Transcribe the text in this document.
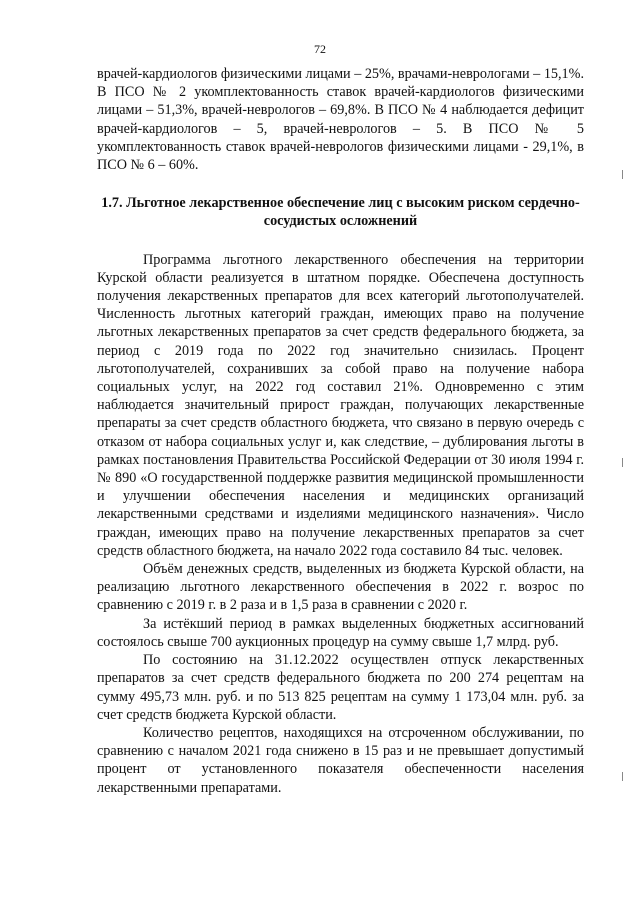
72

врачей-кардиологов физическими лицами – 25%, врачами-неврологами – 15,1%. В ПСО № 2 укомплектованность ставок врачей-кардиологов физическими лицами – 51,3%, врачей-неврологов – 69,8%. В ПСО № 4 наблюдается дефицит врачей-кардиологов – 5, врачей-неврологов – 5. В ПСО № 5 укомплектованность ставок врачей-неврологов физическими лицами - 29,1%, в ПСО № 6 – 60%.

1.7. Льготное лекарственное обеспечение лиц с высоким риском сердечно-сосудистых осложнений

Программа льготного лекарственного обеспечения на территории Курской области реализуется в штатном порядке. Обеспечена доступность получения лекарственных препаратов для всех категорий льготополучателей. Численность льготных категорий граждан, имеющих право на получение льготных лекарственных препаратов за счет средств федерального бюджета, за период с 2019 года по 2022 год значительно снизилась. Процент льготополучателей, сохранивших за собой право на получение набора социальных услуг, на 2022 год составил 21%. Одновременно с этим наблюдается значительный прирост граждан, получающих лекарственные препараты за счет средств областного бюджета, что связано в первую очередь с отказом от набора социальных услуг и, как следствие, – дублирования льготы в рамках постановления Правительства Российской Федерации от 30 июля 1994 г. № 890 «О государственной поддержке развития медицинской промышленности и улучшении обеспечения населения и медицинских организаций лекарственными средствами и изделиями медицинского назначения». Число граждан, имеющих право на получение лекарственных препаратов за счет средств областного бюджета, на начало 2022 года составило 84 тыс. человек.

Объём денежных средств, выделенных из бюджета Курской области, на реализацию льготного лекарственного обеспечения в 2022 г. возрос по сравнению с 2019 г. в 2 раза и в 1,5 раза в сравнении с 2020 г.

За истёкший период в рамках выделенных бюджетных ассигнований состоялось свыше 700 аукционных процедур на сумму свыше 1,7 млрд. руб.

По состоянию на 31.12.2022 осуществлен отпуск лекарственных препаратов за счет средств федерального бюджета по 200 274 рецептам на сумму 495,73 млн. руб. и по 513 825 рецептам на сумму 1 173,04 млн. руб. за счет средств бюджета Курской области.

Количество рецептов, находящихся на отсроченном обслуживании, по сравнению с началом 2021 года снижено в 15 раз и не превышает допустимый процент от установленного показателя обеспеченности населения лекарственными препаратами.
